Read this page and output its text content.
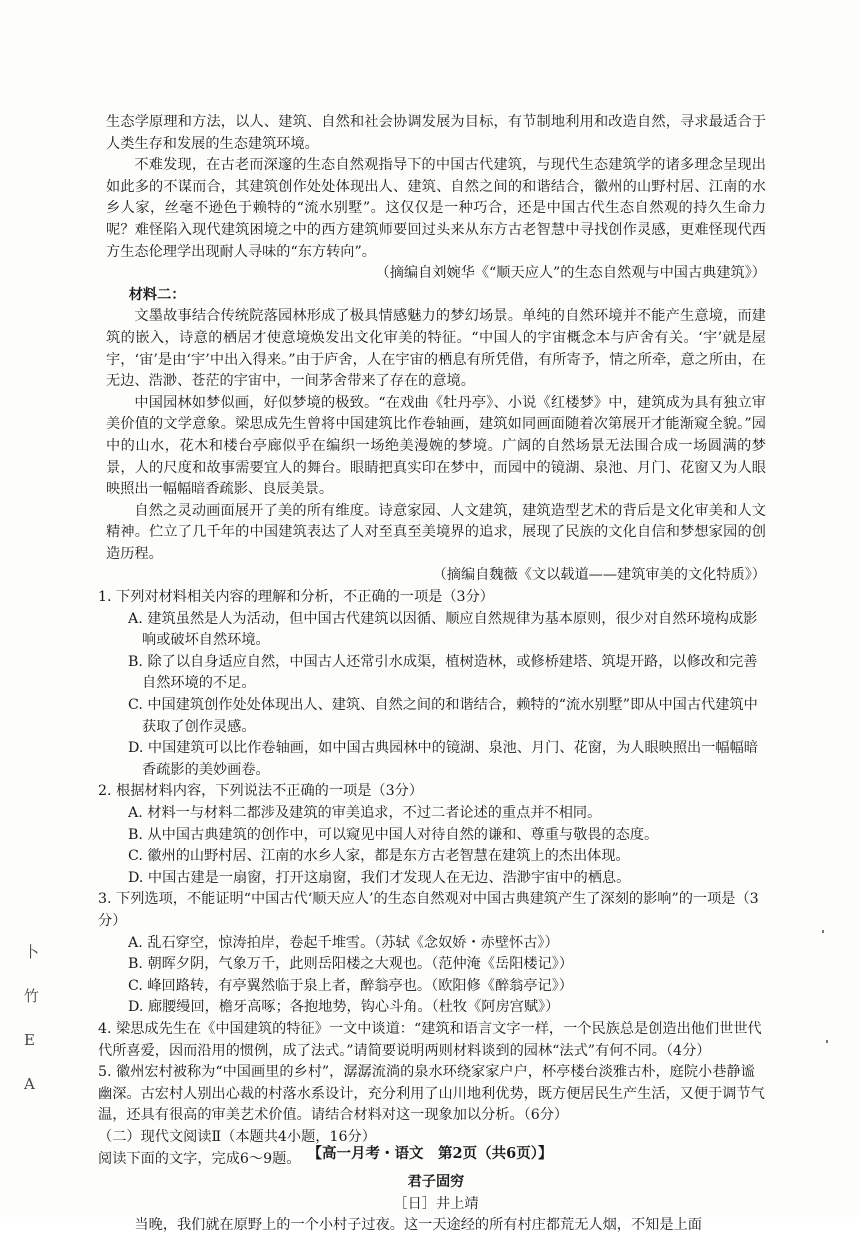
生态学原理和方法，以人、建筑、自然和社会协调发展为目标，有节制地利用和改造自然，寻求最适合于人类生存和发展的生态建筑环境。

不难发现，在古老而深邃的生态自然观指导下的中国古代建筑，与现代生态建筑学的诸多理念呈现出如此多的不谋而合，其建筑创作处处体现出人、建筑、自然之间的和谐结合，徽州的山野村居、江南的水乡人家，丝毫不逊色于赖特的“流水别墅”。这仅仅是一种巧合，还是中国古代生态自然观的持久生命力呢？难怪陷入现代建筑困境之中的西方建筑师要回过头来从东方古老智慧中寻找创作灵感，更难怪现代西方生态伦理学出现耐人寻味的“东方转向”。

（摘编自刘婉华《“顺天应人”的生态自然观与中国古典建筑》）

材料二：

文墨故事结合传统院落园林形成了极具情感魅力的梦幻场景。单纯的自然环境并不能产生意境，而建筑的嵌入，诗意的栖居才使意境焕发出文化审美的特征。“中国人的宇宙概念本与庐舍有关。‘宇’就是屋宇，‘宙’是由‘宇’中出入得来。”由于庐舍，人在宇宙的栖息有所凭借，有所寄予，情之所牵，意之所由，在无边、浩渺、苍茫的宇宙中，一间茅舍带来了存在的意境。

中国园林如梦似画，好似梦境的极致。“在戏曲《牡丹亭》、小说《红楼梦》中，建筑成为具有独立审美价值的文学意象。梁思成先生曾将中国建筑比作卷轴画，建筑如同画面随着次第展开才能渐窥全貌。”园中的山水，花木和楼台亭廊似乎在编织一场绝美漫婉的梦境。广阔的自然场景无法围合成一场圆满的梦景，人的尺度和故事需要宜人的舞台。眼睛把真实印在梦中，而园中的镜湖、泉池、月门、花窗又为人眼映照出一幅幅暗香疏影、良辰美景。

自然之灵动画面展开了美的所有维度。诗意家园、人文建筑，建筑造型艺术的背后是文化审美和人文精神。伫立了几千年的中国建筑表达了人对至真至美境界的追求，展现了民族的文化自信和梦想家园的创造历程。

（摘编自魏薇《文以载道——建筑审美的文化特质》）

1. 下列对材料相关内容的理解和分析，不正确的一项是（3分）

A. 建筑虽然是人为活动，但中国古代建筑以因循、顺应自然规律为基本原则，很少对自然环境构成影响或破坏自然环境。

B. 除了以自身适应自然，中国古人还常引水成渠，植树造林，或修桥建塔、筑堤开路，以修改和完善自然环境的不足。

C. 中国建筑创作处处体现出人、建筑、自然之间的和谐结合，赖特的“流水别墅”即从中国古代建筑中获取了创作灵感。

D. 中国建筑可以比作卷轴画，如中国古典园林中的镜湖、泉池、月门、花窗，为人眼映照出一幅幅暗香疏影的美妙画卷。

2. 根据材料内容，下列说法不正确的一项是（3分）

A. 材料一与材料二都涉及建筑的审美追求，不过二者论述的重点并不相同。

B. 从中国古典建筑的创作中，可以窥见中国人对待自然的谦和、尊重与敬畏的态度。

C. 徽州的山野村居、江南的水乡人家，都是东方古老智慧在建筑上的杰出体现。

D. 中国古建是一扇窗，打开这扇窗，我们才发现人在无边、浩渺宇宙中的栖息。

3. 下列选项，不能证明“中国古代‘顺天应人’的生态自然观对中国古典建筑产生了深刻的影响”的一项是（3分）

A. 乱石穿空，惊涛拍岸，卷起千堆雪。（苏轼《念奴娇・赤壁怀古》）

B. 朝晖夕阴，气象万千，此则岳阳楼之大观也。（范仲淹《岳阳楼记》）

C. 峰回路转，有亭翼然临于泉上者，醉翁亭也。（欧阳修《醉翁亭记》）

D. 廊腰缦回，檐牙高啄；各抱地势，钩心斗角。（杜牧《阿房宫赋》）

4. 梁思成先生在《中国建筑的特征》一文中谈道：“建筑和语言文字一样，一个民族总是创造出他们世世代代所喜爱，因而沿用的惯例，成了法式。”请简要说明两则材料谈到的园林“法式”有何不同。（4分）

5. 徽州宏村被称为“中国画里的乡村”，潺潺流淌的泉水环绕家家户户，杯亭楼台淡雅古朴，庭院小巷静谧幽深。古宏村人别出心裁的村落水系设计，充分利用了山川地利优势，既方便居民生产生活，又便于调节气温，还具有很高的审美艺术价值。请结合材料对这一现象加以分析。（6分）

（二）现代文阅读Ⅱ（本题共4小题，16分）

阅读下面的文字，完成6～9题。

君子固穷

［日］井上靖

当晚，我们就在原野上的一个小村子过夜。这一天途经的所有村庄都荒无人烟，不知是上面

卜
竹
E
A
【高一月考・语文　第2页（共6页）】
